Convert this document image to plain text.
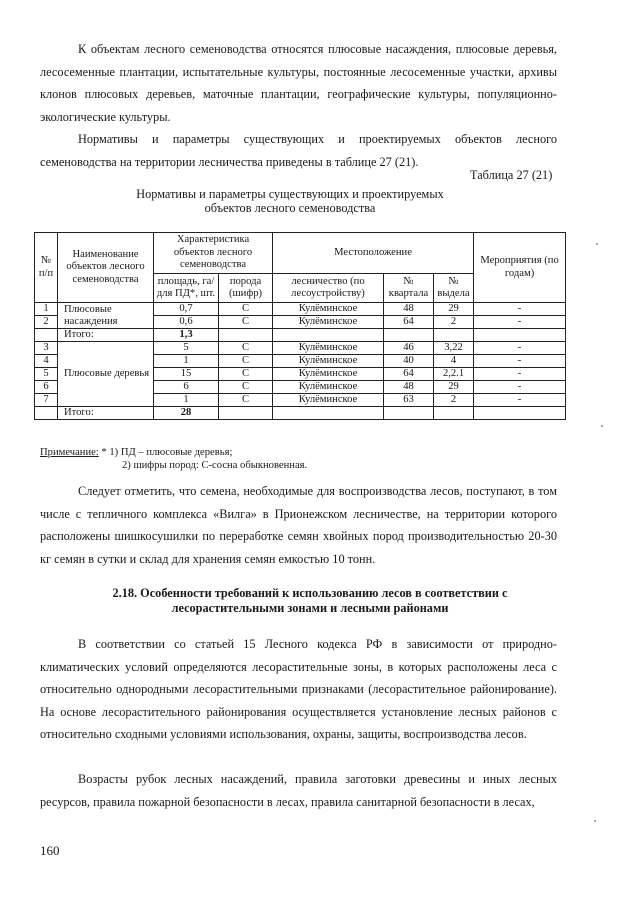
К объектам лесного семеноводства относятся плюсовые насаждения, плюсовые деревья, лесосеменные плантации, испытательные культуры, постоянные лесосеменные участки, архивы клонов плюсовых деревьев, маточные плантации, географические культуры, популяционно-экологические культуры.

Нормативы и параметры существующих и проектируемых объектов лесного семеноводства на территории лесничества приведены в таблице 27 (21).

Таблица 27 (21)
Нормативы и параметры существующих и проектируемых
объектов лесного семеноводства
№ п/п	Наименование объектов лесного семеноводства	Характеристика объектов лесного семеноводства		Местоположение			Мероприятия (по годам)
		площадь, га/ для ПД*, шт.	порода (шифр)	лесничество (по лесоустройству)	№ квартала	№ выдела	
1	Плюсовые насаждения	0,7	С	Кулёминское	48	29	-
2		0,6	С	Кулёминское	64	2	-
	Итого:	1,3					
3	Плюсовые деревья	5	С	Кулёминское	46	3,22	-
4		1	С	Кулёминское	40	4	-
5		15	С	Кулёминское	64	2,2.1	-
6		6	С	Кулёминское	48	29	-
7		1	С	Кулёминское	63	2	-
	Итого:	28					
Примечание: * 1) ПД – плюсовые деревья;
2) шифры пород: С-сосна обыкновенная.

Следует отметить, что семена, необходимые для воспроизводства лесов, поступают, в том числе с тепличного комплекса «Вилга» в Прионежском лесничестве, на территории которого расположены шишкосушилки по переработке семян хвойных пород производительностью 20-30 кг семян в сутки и склад для хранения семян емкостью 10 тонн.

2.18. Особенности требований к использованию лесов в соответствии с
лесорастительными зонами и лесными районами

В соответствии со статьей 15 Лесного кодекса РФ в зависимости от природно-климатических условий определяются лесорастительные зоны, в которых расположены леса с относительно однородными лесорастительными признаками (лесорастительное районирование). На основе лесорастительного районирования осуществляется установление лесных районов с относительно сходными условиями использования, охраны, защиты, воспроизводства лесов.

Возрасты рубок лесных насаждений, правила заготовки древесины и иных лесных ресурсов, правила пожарной безопасности в лесах, правила санитарной безопасности в лесах,

160
